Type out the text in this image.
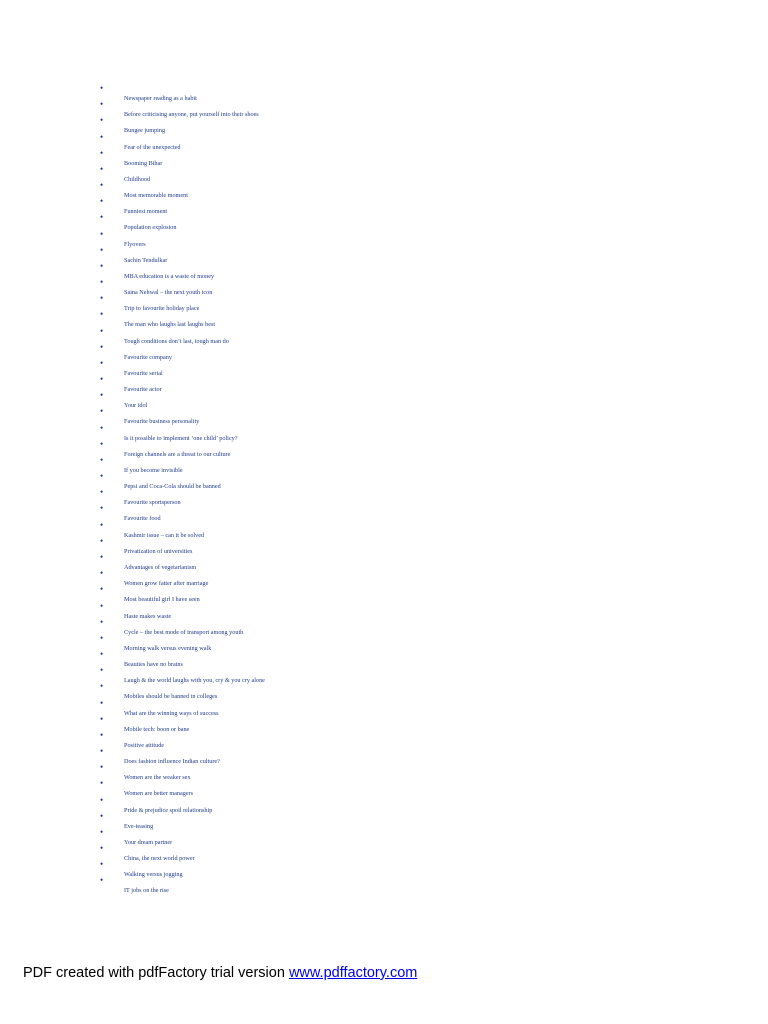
•
Newspaper reading as a habit
•
Before criticising anyone, put yourself into their shoes
•
Bungee jumping
•
Fear of the unexpected
•
Booming Bihar
•
Childhood
•
Most memorable moment
•
Funniest moment
•
Population explosion
•
Flyovers
•
Sachin Tendulkar
•
MBA education is a waste of money
•
Saina Nehwal – the next youth icon
•
Trip to favourite holiday place
•
The man who laughs last laughs best
•
Tough conditions don’t last, tough man do
•
Favourite company
•
Favourite serial
•
Favourite actor
•
Your idol
•
Favourite business personality
•
Is it possible to implement ‘one child’ policy?
•
Foreign channels are a threat to our culture
•
If you become invisible
•
Pepsi and Coca-Cola should be banned
•
Favourite sportsperson
•
Favourite food
•
Kashmir issue – can it be solved
•
Privatization of universities
•
Advantages of vegetarianism
•
Women grow fatter after marriage
•
Most beautiful girl I have seen
•
Haste makes waste
•
Cycle – the best mode of transport among youth
•
Morning walk versus evening walk
•
Beauties have no brains
•
Laugh & the world laughs with you, cry & you cry alone
•
Mobiles should be banned in colleges
•
What are the winning ways of success
•
Mobile tech: boon or bane
•
Positive attitude
•
Does fashion influence Indian culture?
•
Women are the weaker sex
•
Women are better managers
•
Pride & prejudice spoil relationship
•
Eve-teasing
•
Your dream partner
•
China, the next world power
•
Walking versus jogging
•
IT jobs on the rise
PDF created with pdfFactory trial version www.pdffactory.com
